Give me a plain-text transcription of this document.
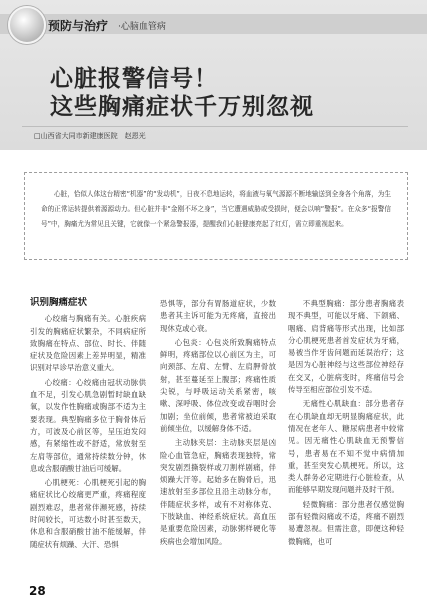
预防与治疗 ·心脑血管病
心脏报警信号！
这些胸痛症状千万别忽视
□山西省大同市新建康医院　赵恩光
心脏，恰似人体这台精密“机器”的“发动机”，日夜不息地运转，将血液与氧气源源不断地输送到全身各个角落，为生命的正常运转提供着源源动力。但心脏并非“金刚不坏之身”，当它遭遇威胁或受损时，便会以响“警报”。在众多“报警信号”中，胸痛尤为常见且关键，它就像一个紧急警报器，提醒我们心脏健康亮起了红灯，需立即重视起来。

识别胸痛症状

心绞痛与胸痛有关。心脏疾病引发的胸痛症状繁杂，不同病症所致胸痛在特点、部位、时长、伴随症状及危险因素上差异明显，精准识别对早诊早治意义重大。

心绞痛：心绞痛由冠状动脉供血不足，引发心肌急剧暂时缺血缺氧，以发作性胸痛或胸部不适为主要表现。典型胸痛多位于胸骨体后方，可波及心前区等，呈压迫发闷感，有紧缩性或不舒适，常放射至左肩等部位，通常持续数分钟，休息或含服硝酸甘油后可缓解。

心肌梗死：心肌梗死引起的胸痛症状比心绞痛更严重，疼痛程度剧烈难忍，患者常伴濒死感，持续时间较长，可达数小时甚至数天，休息和含服硝酸甘油不能缓解，伴随症状有烦躁、大汗、恐惧

恐惧等，部分有胃肠道症状，少数患者其主诉可能为无疼痛，直接出现休克或心衰。

心包炎：心包炎所致胸痛特点鲜明，疼痛部位以心前区为主，可向颈部、左肩、左臂、左肩胛骨放射，甚至蔓延至上腹部；疼痛性质尖锐，与呼吸运动关系紧密，咳嗽、深呼吸、体位改变或吞咽时会加剧；坐位前倾，患者常被迫采取前倾坐位，以缓解身体不适。

主动脉夹层：主动脉夹层是凶险心血管急症，胸痛表现独特，常突发剧烈撕裂样或刀割样剧痛，伴烦躁大汗等。起始多在胸骨后，迅速放射至多部位且沿主动脉分布，伴随症状多样，或有不对称体克、下肢缺血、神经系统症状。高血压是重要危险因素，动脉粥样硬化等疾病也会增加风险。

不典型胸痛：部分患者胸痛表现不典型，可能以牙痛、下颌痛、咽痛、肩背痛等形式出现，比如部分心肌梗死患者首发症状为牙痛，易被当作牙齿问题而延误治疗；这是因为心脏神经与这些部位神经存在交叉，心脏病变时，疼痛信号会传导至相应部位引发不适。

无痛性心肌缺血：部分患者存在心肌缺血却无明显胸痛症状，此情况在老年人、糖尿病患者中较常见。因无痛性心肌缺血无预警信号，患者易在不知不觉中病情加重，甚至突发心肌梗死。所以，这类人群务必定期进行心脏检查，从而能够早期发现问题并及时干预。

轻微胸痛：部分患者仅感觉胸部有轻微闷痛或不适，疼痛不剧烈易遭忽视。但需注意，即便这种轻微胸痛，也可

28
